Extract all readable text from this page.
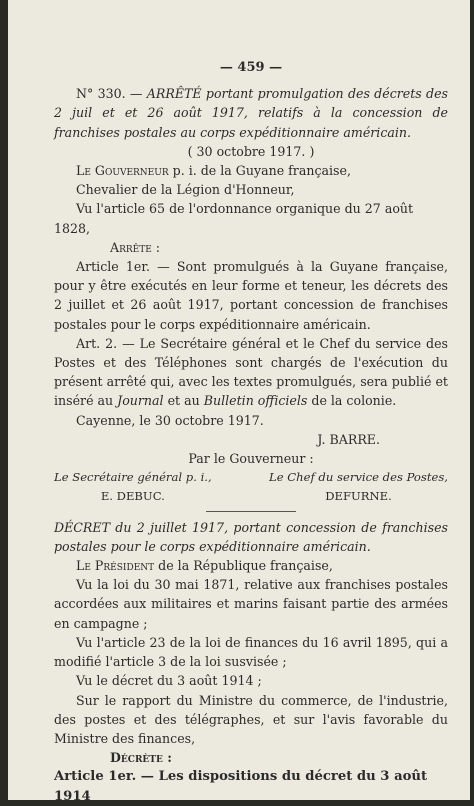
— 459 —

N° 330. — ARRÊTÉ portant promulgation des décrets des 2 juil et et 26 août 1917, relatifs à la concession de franchises postales au corps expéditionnaire américain.

( 30 octobre 1917. )

Le Gouverneur p. i. de la Guyane française,

Chevalier de la Légion d'Honneur,

Vu l'article 65 de l'ordonnance organique du 27 août 1828,

Arrête :

Article 1er. — Sont promulgués à la Guyane française, pour y être exécutés en leur forme et teneur, les décrets des 2 juillet et 26 août 1917, portant concession de franchises postales pour le corps expéditionnaire américain.

Art. 2. — Le Secrétaire général et le Chef du service des Postes et des Téléphones sont chargés de l'exécution du présent arrêté qui, avec les textes promulgués, sera publié et inséré au Journal et au Bulletin officiels de la colonie.

Cayenne, le 30 octobre 1917.

J. BARRE.

Par le Gouverneur :

Le Secrétaire général p. i.,
E. DEBUC.
Le Chef du service des Postes,
DEFURNE.

DÉCRET du 2 juillet 1917, portant concession de franchises postales pour le corps expéditionnaire américain.

Le Président de la République française,

Vu la loi du 30 mai 1871, relative aux franchises postales accordées aux militaires et marins faisant partie des armées en campagne ;

Vu l'article 23 de la loi de finances du 16 avril 1895, qui a modifié l'article 3 de la loi susvisée ;

Vu le décret du 3 août 1914 ;

Sur le rapport du Ministre du commerce, de l'industrie, des postes et des télégraphes, et sur l'avis favorable du Ministre des finances,

Décrète :

Article 1er. — Les dispositions du décret du 3 août 1914
